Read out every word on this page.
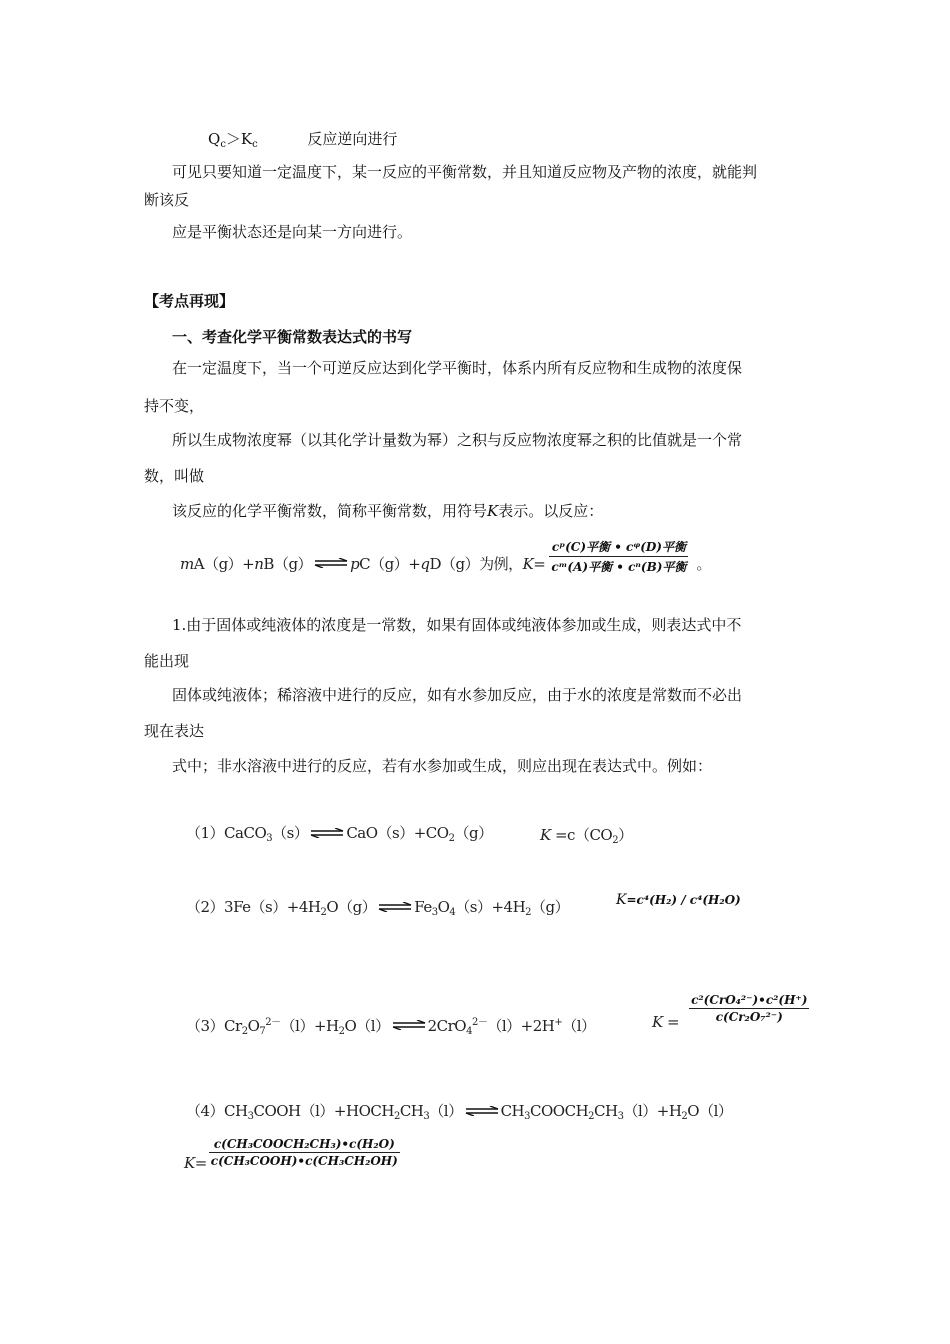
$Q_c>K_c$	反应逆向进行
可见只要知道一定温度下，某一反应的平衡常数，并且知道反应物及产物的浓度，就能判
断该反
应是平衡状态还是向某一方向进行。
【考点再现】
一、考查化学平衡常数表达式的书写
在一定温度下，当一个可逆反应达到化学平衡时，体系内所有反应物和生成物的浓度保
持不变，
所以生成物浓度幂（以其化学计量数为幂）之积与反应物浓度幂之积的比值就是一个常
数，叫做
该反应的化学平衡常数，简称平衡常数，用符号K表示。以反应：
mA（g）+nB（g） ⇌ pC（g）+qD（g）为例，$K= \frac{\text{cᵖ(C)平衡 • cᵠ(D)平衡}}{\text{cᵐ(A)平衡 • cⁿ(B)平衡}}$ 。
1.由于固体或纯液体的浓度是一常数，如果有固体或纯液体参加或生成，则表达式中不
能出现
固体或纯液体；稀溶液中进行的反应，如有水参加反应，由于水的浓度是常数而不必出
现在表达
式中；非水溶液中进行的反应，若有水参加或生成，则应出现在表达式中。例如：
（1）CaCO$_3$（s） ⇌ $CaO(s)+CO_2(g)$	$K =c(CO_2)$
$(2)3Fe(s)+4H_2O(g)$ ⇌ $Fe_3O_4(s)+4H_2(g)$	K=c⁴(H₂) / c⁴(H₂O)
$(3)Cr_2O_7^{2-}(l)+H_2O(l)$ ⇌ 2CrO$_4^{2-}$（l）+2H+（l）	$K = \frac{\text{c²(CrO₄²⁻)•c²(H⁺)}}{\text{c(Cr₂O₇²⁻)}}$
$(4)CH_3COOH(l)+HOCH_2CH_3(l)$ ⇌ $CH_3COOCH_2CH_3(l)+H_2O(l)$
$K= \frac{\text{c(CH₃COOCH₂CH₃)•c(H₂O)}}{\text{c(CH₃COOH)•c(CH₃CH₂OH)}}$
